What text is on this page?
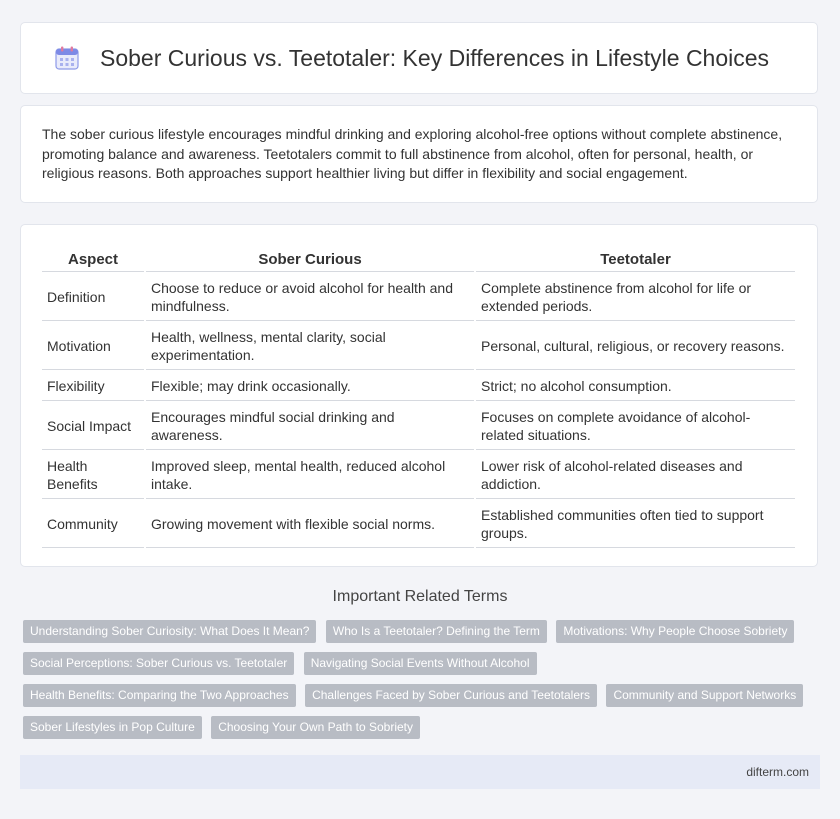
Sober Curious vs. Teetotaler: Key Differences in Lifestyle Choices

The sober curious lifestyle encourages mindful drinking and exploring alcohol-free options without complete abstinence, promoting balance and awareness. Teetotalers commit to full abstinence from alcohol, often for personal, health, or religious reasons. Both approaches support healthier living but differ in flexibility and social engagement.

Aspect	Sober Curious	Teetotaler
Definition	Choose to reduce or avoid alcohol for health and mindfulness.	Complete abstinence from alcohol for life or extended periods.
Motivation	Health, wellness, mental clarity, social experimentation.	Personal, cultural, religious, or recovery reasons.
Flexibility	Flexible; may drink occasionally.	Strict; no alcohol consumption.
Social Impact	Encourages mindful social drinking and awareness.	Focuses on complete avoidance of alcohol-related situations.
Health Benefits	Improved sleep, mental health, reduced alcohol intake.	Lower risk of alcohol-related diseases and addiction.
Community	Growing movement with flexible social norms.	Established communities often tied to support groups.
Important Related Terms
Understanding Sober Curiosity: What Does It Mean? Who Is a Teetotaler? Defining the Term Motivations: Why People Choose Sobriety Social Perceptions: Sober Curious vs. Teetotaler Navigating Social Events Without Alcohol Health Benefits: Comparing the Two Approaches Challenges Faced by Sober Curious and Teetotalers Community and Support Networks Sober Lifestyles in Pop Culture Choosing Your Own Path to Sobriety
difterm.com
